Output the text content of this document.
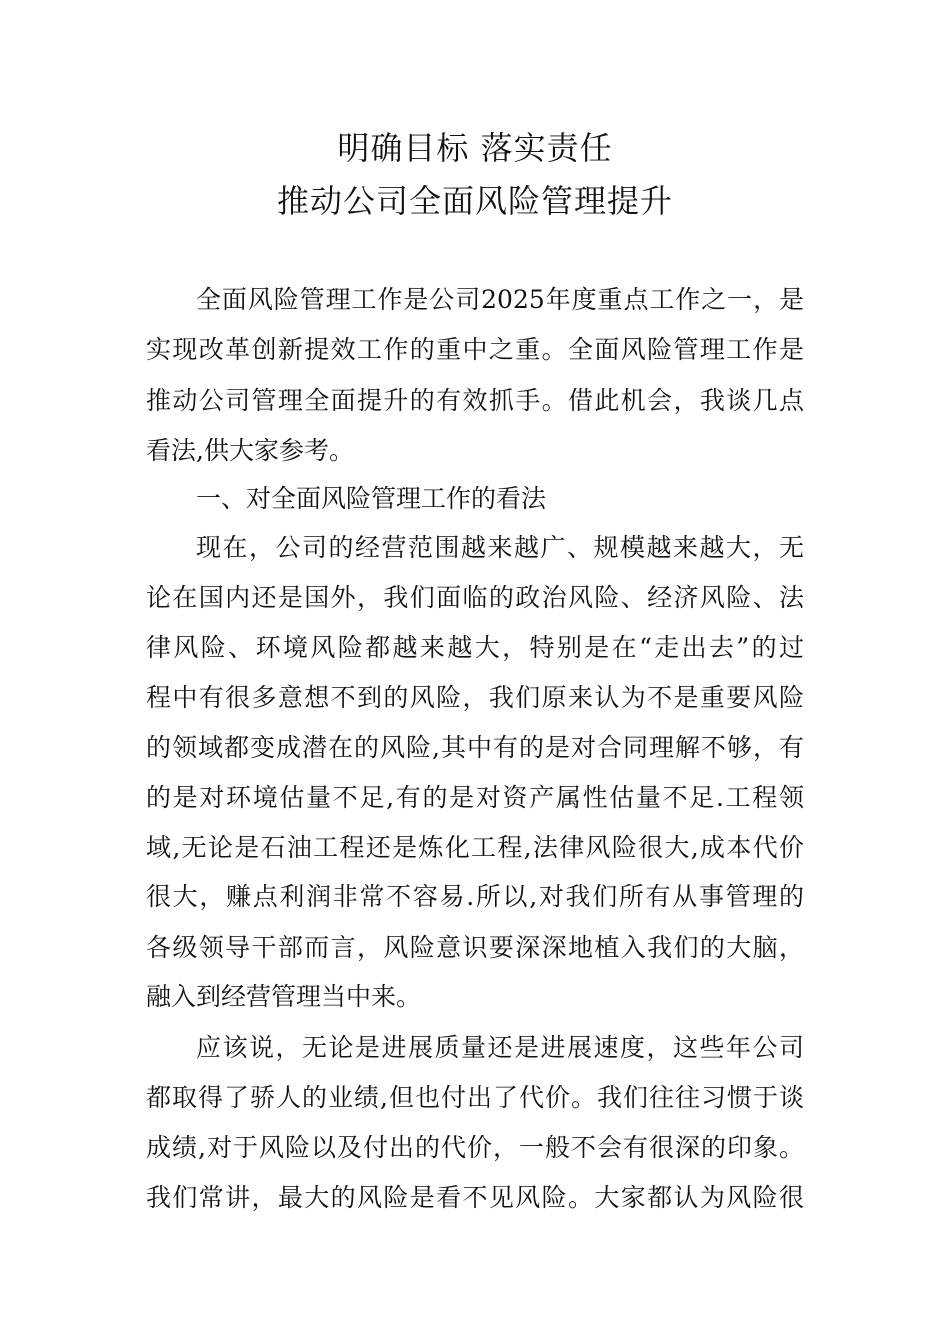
明确目标 落实责任
推动公司全面风险管理提升
全面风险管理工作是公司2025年度重点工作之一，是
实现改革创新提效工作的重中之重。全面风险管理工作是
推动公司管理全面提升的有效抓手。借此机会，我谈几点
看法,供大家参考。
一、对全面风险管理工作的看法
现在，公司的经营范围越来越广、规模越来越大，无
论在国内还是国外，我们面临的政治风险、经济风险、法
律风险、环境风险都越来越大，特别是在“走出去”的过
程中有很多意想不到的风险，我们原来认为不是重要风险
的领域都变成潜在的风险,其中有的是对合同理解不够，有
的是对环境估量不足,有的是对资产属性估量不足.工程领
域,无论是石油工程还是炼化工程,法律风险很大,成本代价
很大，赚点利润非常不容易.所以,对我们所有从事管理的
各级领导干部而言，风险意识要深深地植入我们的大脑，
融入到经营管理当中来。
应该说，无论是进展质量还是进展速度，这些年公司
都取得了骄人的业绩,但也付出了代价。我们往往习惯于谈
成绩,对于风险以及付出的代价，一般不会有很深的印象。
我们常讲，最大的风险是看不见风险。大家都认为风险很
